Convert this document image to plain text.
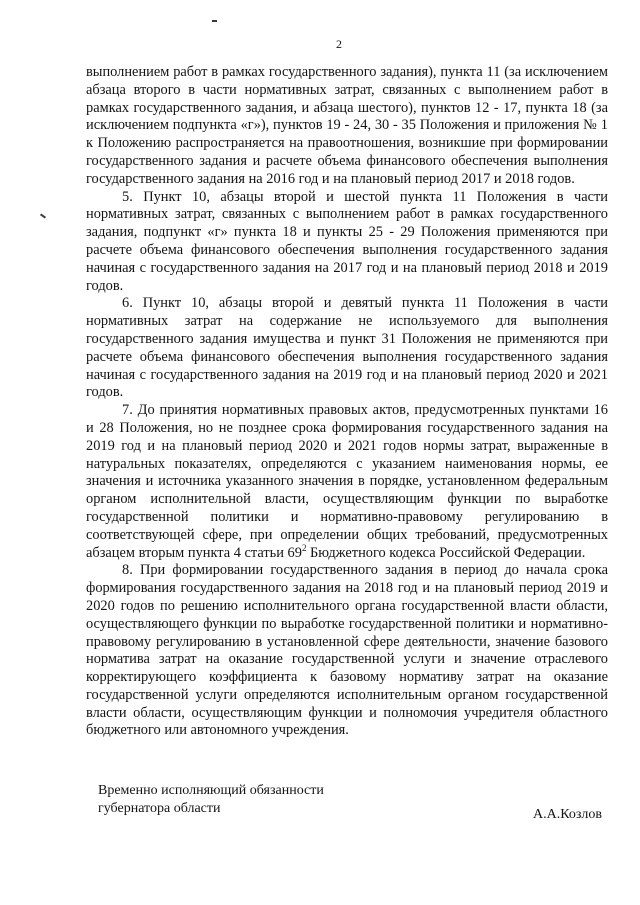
2

выполнением работ в рамках государственного задания), пункта 11 (за исключением абзаца второго в части нормативных затрат, связанных с выполнением работ в рамках государственного задания, и абзаца шестого), пунктов 12 - 17, пункта 18 (за исключением подпункта «г»), пунктов 19 - 24, 30 - 35 Положения и приложения № 1 к Положению распространяется на правоотношения, возникшие при формировании государственного задания и расчете объема финансового обеспечения выполнения государственного задания на 2016 год и на плановый период 2017 и 2018 годов.

5. Пункт 10, абзацы второй и шестой пункта 11 Положения в части нормативных затрат, связанных с выполнением работ в рамках государственного задания, подпункт «г» пункта 18 и пункты 25 - 29 Положения применяются при расчете объема финансового обеспечения выполнения государственного задания начиная с государственного задания на 2017 год и на плановый период 2018 и 2019 годов.

6. Пункт 10, абзацы второй и девятый пункта 11 Положения в части нормативных затрат на содержание не используемого для выполнения государственного задания имущества и пункт 31 Положения не применяются при расчете объема финансового обеспечения выполнения государственного задания начиная с государственного задания на 2019 год и на плановый период 2020 и 2021 годов.

7. До принятия нормативных правовых актов, предусмотренных пунктами 16 и 28 Положения, но не позднее срока формирования государственного задания на 2019 год и на плановый период 2020 и 2021 годов нормы затрат, выраженные в натуральных показателях, определяются с указанием наименования нормы, ее значения и источника указанного значения в порядке, установленном федеральным органом исполнительной власти, осуществляющим функции по выработке государственной политики и нормативно-правовому регулированию в соответствующей сфере, при определении общих требований, предусмотренных абзацем вторым пункта 4 статьи $69^2$ Бюджетного кодекса Российской Федерации.

8. При формировании государственного задания в период до начала срока формирования государственного задания на 2018 год и на плановый период 2019 и 2020 годов по решению исполнительного органа государственной власти области, осуществляющего функции по выработке государственной политики и нормативно-правовому регулированию в установленной сфере деятельности, значение базового норматива затрат на оказание государственной услуги и значение отраслевого корректирующего коэффициента к базовому нормативу затрат на оказание государственной услуги определяются исполнительным органом государственной власти области, осуществляющим функции и полномочия учредителя областного бюджетного или автономного учреждения.

Временно исполняющий обязанности
губернатора области	А.А.Козлов
